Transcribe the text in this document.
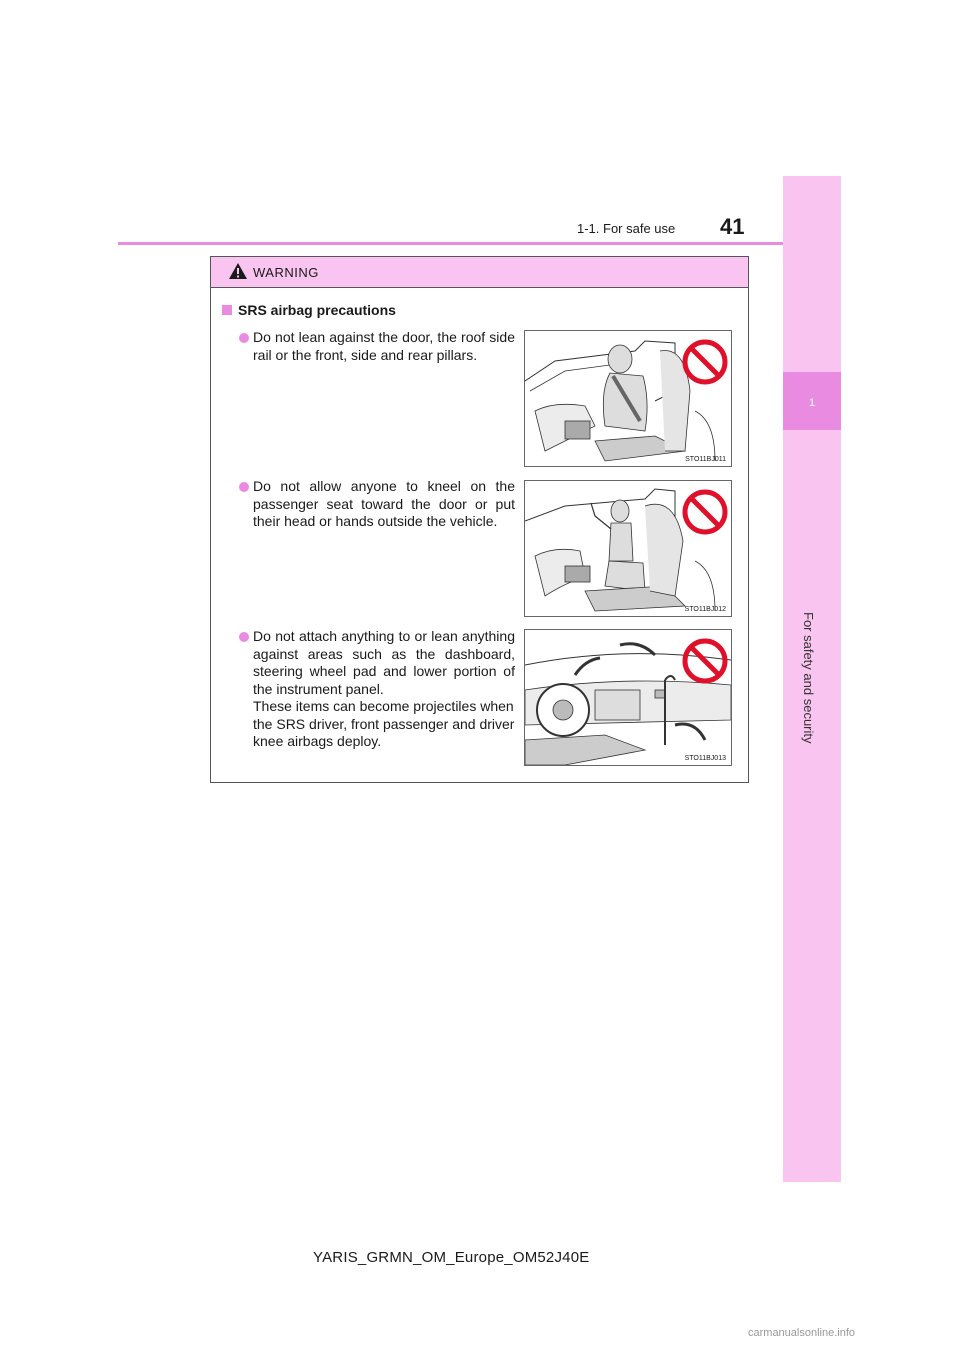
1
For safety and security
1-1. For safe use 41
WARNING
SRS airbag precautions
Do not lean against the door, the roof side rail or the front, side and rear pillars.
STO11BJ011
Do not allow anyone to kneel on the passenger seat toward the door or put their head or hands outside the vehicle.
STO11BJ012
Do not attach anything to or lean anything against areas such as the dashboard, steering wheel pad and lower portion of the instrument panel.
These items can become projectiles when the SRS driver, front passenger and driver knee airbags deploy.
STO11BJ013
YARIS_GRMN_OM_Europe_OM52J40E
carmanualsonline.info
